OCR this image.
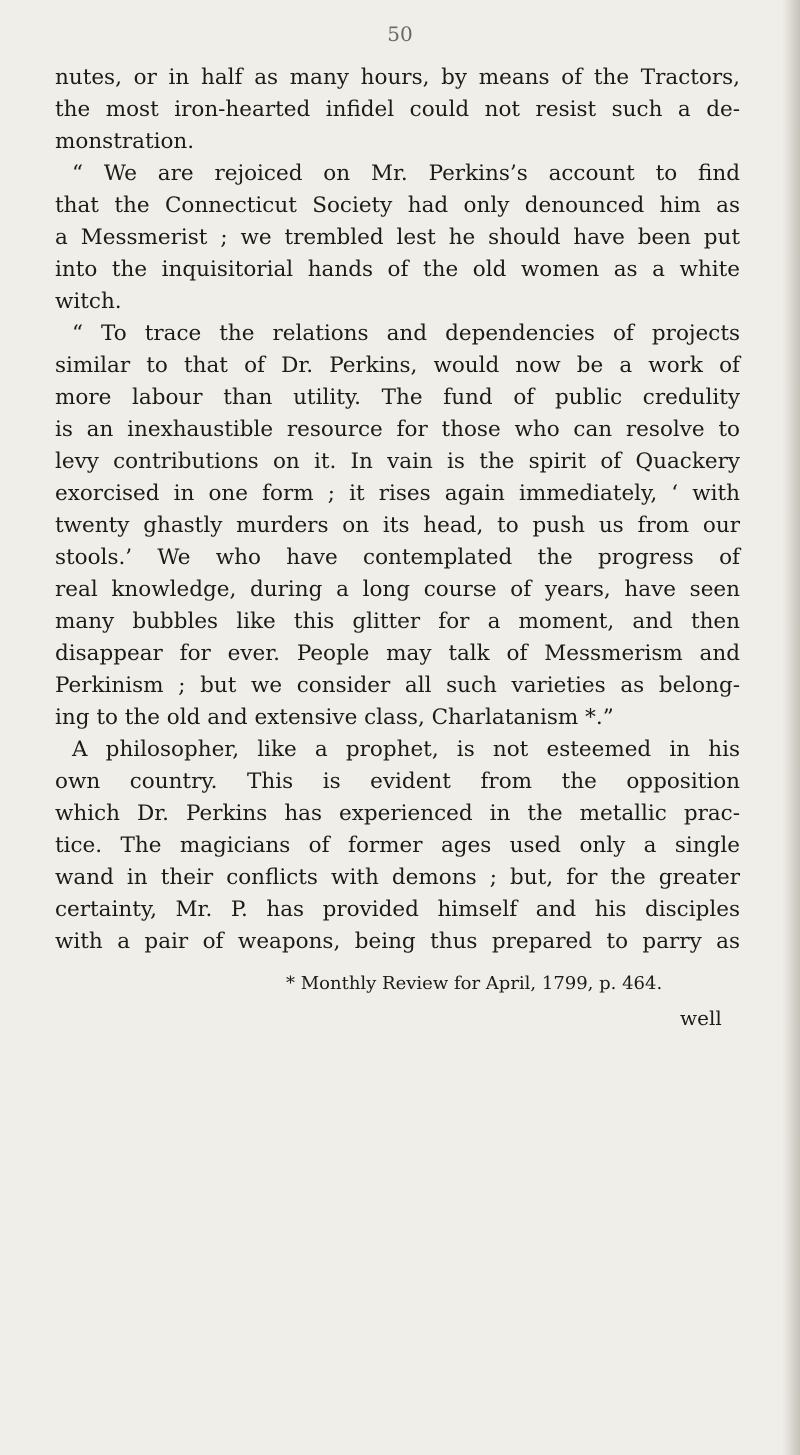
50
nutes, or in half as many hours, by means of the Tractors,
the most iron-hearted infidel could not resist such a de-
monstration.
“ We are rejoiced on Mr. Perkins’s account to find
that the Connecticut Society had only denounced him as
a Messmerist ; we trembled lest he should have been put
into the inquisitorial hands of the old women as a white
witch.
“ To trace the relations and dependencies of projects
similar to that of Dr. Perkins, would now be a work of
more labour than utility. The fund of public credulity
is an inexhaustible resource for those who can resolve to
levy contributions on it. In vain is the spirit of Quackery
exorcised in one form ; it rises again immediately, ‘ with
twenty ghastly murders on its head, to push us from our
stools.’ We who have contemplated the progress of
real knowledge, during a long course of years, have seen
many bubbles like this glitter for a moment, and then
disappear for ever. People may talk of Messmerism and
Perkinism ; but we consider all such varieties as belong-
ing to the old and extensive class, Charlatanism *.”
A philosopher, like a prophet, is not esteemed in his
own country. This is evident from the opposition
which Dr. Perkins has experienced in the metallic prac-
tice. The magicians of former ages used only a single
wand in their conflicts with demons ; but, for the greater
certainty, Mr. P. has provided himself and his disciples
with a pair of weapons, being thus prepared to parry as
* Monthly Review for April, 1799, p. 464.
well
